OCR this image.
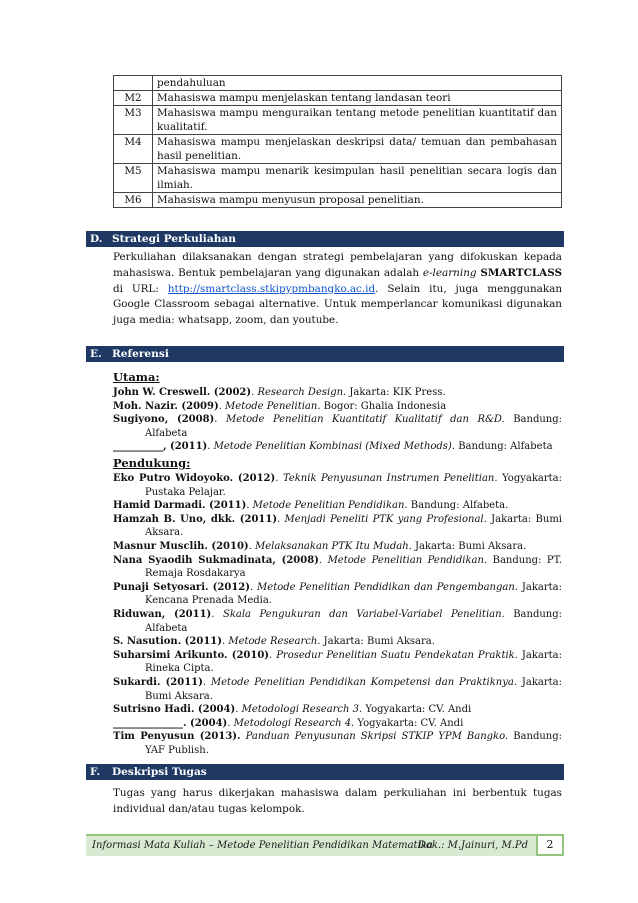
	pendahuluan
M2	Mahasiswa mampu menjelaskan tentang landasan teori
M3	Mahasiswa mampu menguraikan tentang metode penelitian kuantitatif dan kualitatif.
M4	Mahasiswa mampu menjelaskan deskripsi data/ temuan dan pembahasan hasil penelitian.
M5	Mahasiswa mampu menarik kesimpulan hasil penelitian secara logis dan ilmiah.
M6	Mahasiswa mampu menyusun proposal penelitian.
D. Strategi Perkuliahan
Perkuliahan dilaksanakan dengan strategi pembelajaran yang difokuskan kepada mahasiswa. Bentuk pembelajaran yang digunakan adalah e-learning SMARTCLASS di URL: http://smartclass.stkipypmbangko.ac.id. Selain itu, juga menggunakan Google Classroom sebagai alternative. Untuk memperlancar komunikasi digunakan juga media: whatsapp, zoom, dan youtube.
E. Referensi
Utama:
John W. Creswell. (2002). Research Design. Jakarta: KIK Press.
Moh. Nazir. (2009). Metode Penelitian. Bogor: Ghalia Indonesia
Sugiyono, (2008). Metode Penelitian Kuantitatif Kualitatif dan R&D. Bandung: Alfabeta
__________, (2011). Metode Penelitian Kombinasi (Mixed Methods). Bandung: Alfabeta
Pendukung:
Eko Putro Widoyoko. (2012). Teknik Penyusunan Instrumen Penelitian. Yogyakarta: Pustaka Pelajar.
Hamid Darmadi. (2011). Metode Penelitian Pendidikan. Bandung: Alfabeta.
Hamzah B. Uno, dkk. (2011). Menjadi Peneliti PTK yang Profesional. Jakarta: Bumi Aksara.
Masnur Musclih. (2010). Melaksanakan PTK Itu Mudah. Jakarta: Bumi Aksara.
Nana Syaodih Sukmadinata, (2008). Metode Penelitian Pendidikan. Bandung: PT. Remaja Rosdakarya
Punaji Setyosari. (2012). Metode Penelitian Pendidikan dan Pengembangan. Jakarta: Kencana Prenada Media.
Riduwan, (2011). Skala Pengukuran dan Variabel-Variabel Penelitian. Bandung: Alfabeta
S. Nasution. (2011). Metode Research. Jakarta: Bumi Aksara.
Suharsimi Arikunto. (2010). Prosedur Penelitian Suatu Pendekatan Praktik. Jakarta: Rineka Cipta.
Sukardi. (2011). Metode Penelitian Pendidikan Kompetensi dan Praktiknya. Jakarta: Bumi Aksara.
Sutrisno Hadi. (2004). Metodologi Research 3. Yogyakarta: CV. Andi
______________. (2004). Metodologi Research 4. Yogyakarta: CV. Andi
Tim Penyusun (2013). Panduan Penyusunan Skripsi STKIP YPM Bangko. Bandung: YAF Publish.
F. Deskripsi Tugas
Tugas yang harus dikerjakan mahasiswa dalam perkuliahan ini berbentuk tugas individual dan/atau tugas kelompok.
Informasi Mata Kuliah – Metode Penelitian Pendidikan Matematika
Dok.: M.Jainuri, M.Pd	2
